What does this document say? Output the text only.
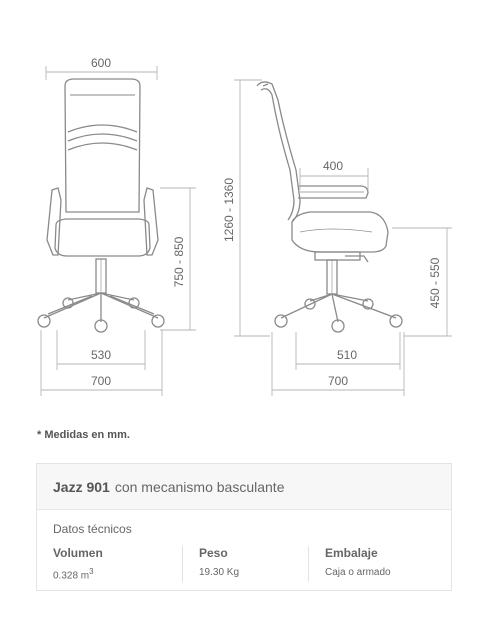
600
750 - 850
530
700
1260 - 1360
400
450 - 550
510
700
* Medidas en mm.
Jazz 901 con mecanismo basculante
Datos técnicos
Volumen
0.328 $m^3$
Peso
19.30 Kg
Embalaje
Caja o armado
